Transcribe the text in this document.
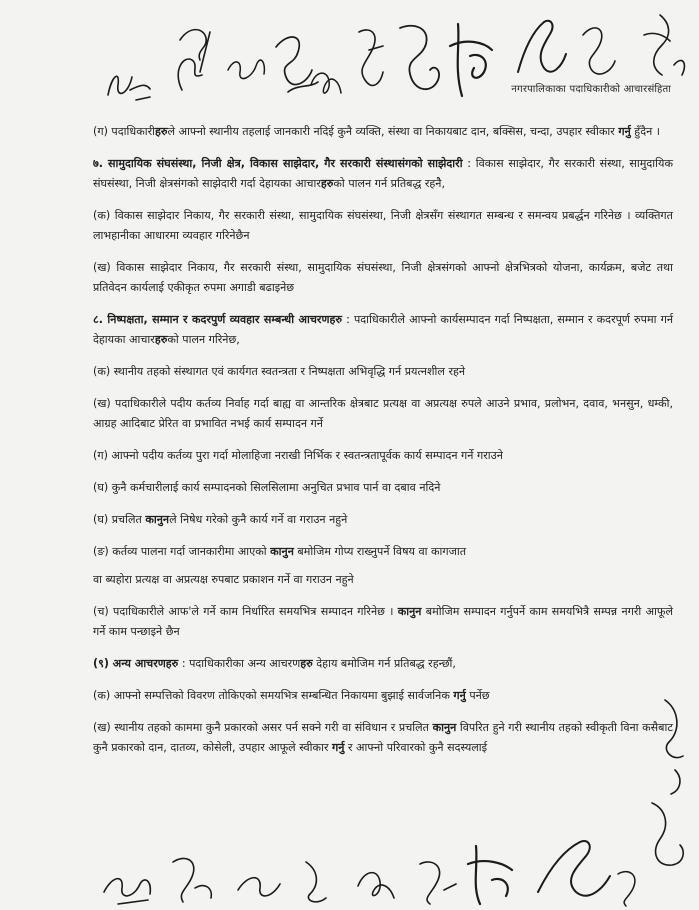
नगरपालिकाका पदाधिकारीको आचारसंहिता

(ग) पदाधिकारीहरुले आफ्नो स्थानीय तहलाई जानकारी नदिई कुनै व्यक्ति, संस्था वा निकायबाट दान, बक्सिस, चन्दा, उपहार स्वीकार गर्नु हुँदैन ।

७. सामुदायिक संघसंस्था, निजी क्षेत्र, विकास साझेदार, गैर सरकारी संस्थासंगको साझेदारी : विकास साझेदार, गैर सरकारी संस्था, सामुदायिक संघसंस्था, निजी क्षेत्रसंगको साझेदारी गर्दा देहायका आचारहरुको पालन गर्न प्रतिबद्ध रहनेै,

(क) विकास साझेदार निकाय, गैर सरकारी संस्था, सामुदायिक संघसंस्था, निजी क्षेत्रसँग संस्थागत सम्बन्ध र समन्वय प्रबर्द्धन गरिनेछ । व्यक्तिगत लाभहानीका आधारमा व्यवहार गरिनेछैन

(ख) विकास साझेदार निकाय, गैर सरकारी संस्था, सामुदायिक संघसंस्था, निजी क्षेत्रसंगको आफ्नो क्षेत्रभित्रको योजना, कार्यक्रम, बजेट तथा प्रतिवेदन कार्यलाई एकीकृत रुपमा अगाडी बढाइनेछ

८. निष्पक्षता, सम्मान र कदरपुर्ण व्यवहार सम्बन्धी आचरणहरु : पदाधिकारीले आफ्नो कार्यसम्पादन गर्दा निष्पक्षता, सम्मान र कदरपूर्ण रुपमा गर्न देहायका आचारहरुको पालन गरिनेछ,

(क) स्थानीय तहको संस्थागत एवं कार्यगत स्वतन्त्रता र निष्पक्षता अभिवृद्धि गर्न प्रयत्नशील रहने

(ख) पदाधिकारीले पदीय कर्तव्य निर्वाह गर्दा बाह्य वा आन्तरिक क्षेत्रबाट प्रत्यक्ष वा अप्रत्यक्ष रुपले आउने प्रभाव, प्रलोभन, दवाव, भनसुन, धम्की, आग्रह आदिबाट प्रेरित वा प्रभावित नभई कार्य सम्पादन गर्ने

(ग) आफ्नो पदीय कर्तव्य पुरा गर्दा मोलाहिजा नराखी निर्भिक र स्वतन्त्रतापूर्वक कार्य सम्पादन गर्ने गराउने

(घ) कुनै कर्मचारीलाई कार्य सम्पादनको सिलसिलामा अनुचित प्रभाव पार्न वा दबाव नदिने

(घ) प्रचलित कानुनले निषेध गरेको कुनै कार्य गर्ने वा गराउन नहुने

(ङ) कर्तव्य पालना गर्दा जानकारीमा आएको कानुन बमोजिम गोप्य राख्नुपर्ने विषय वा कागजात

वा ब्यहोरा प्रत्यक्ष वा अप्रत्यक्ष रुपबाट प्रकाशन गर्ने वा गराउन नहुने

(च) पदाधिकारीले आफ'ले गर्ने काम निर्धारित समयभित्र सम्पादन गरिनेछ । कानुन बमोजिम सम्पादन गर्नुपर्ने काम समयभित्रै सम्पन्न नगरी आफूले गर्ने काम पन्छाइने छैन

(९) अन्य आचरणहरु : पदाधिकारीका अन्य आचरणहरु देहाय बमोजिम गर्न प्रतिबद्ध रहन्छौं,

(क) आफ्नो सम्पत्तिको विवरण तोकिएको समयभित्र सम्बन्धित निकायमा बुझाई सार्वजनिक गर्नु पर्नेछ

(ख) स्थानीय तहको काममा कुनै प्रकारको असर पर्न सक्ने गरी वा संविधान र प्रचलित कानुन विपरित हुने गरी स्थानीय तहको स्वीकृती विना कसैबाट कुनै प्रकारको दान, दातव्य, कोसेली, उपहार आफूले स्वीकार गर्नु र आफ्नो परिवारको कुनै सदस्यलाई
